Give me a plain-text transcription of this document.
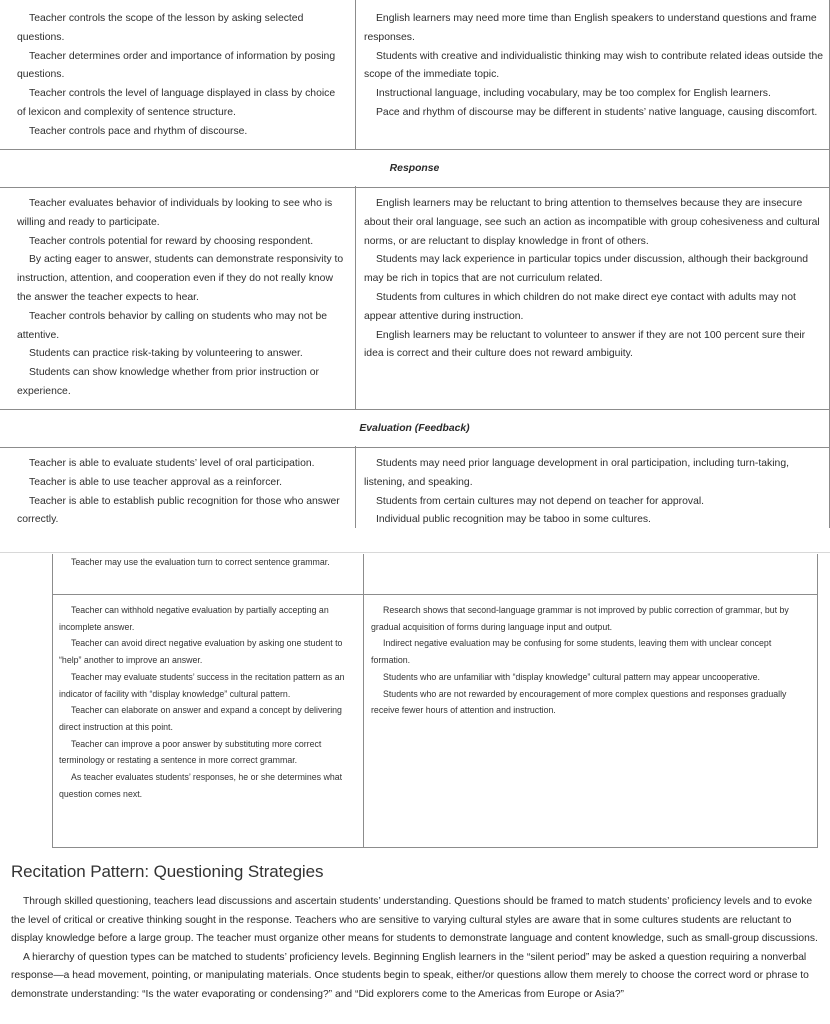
Teacher controls the scope of the lesson by asking selected questions.

Teacher determines order and importance of information by posing questions.

Teacher controls the level of language displayed in class by choice of lexicon and complexity of sentence structure.

Teacher controls pace and rhythm of discourse.

English learners may need more time than English speakers to understand questions and frame responses.

Students with creative and individualistic thinking may wish to contribute related ideas outside the scope of the immediate topic.

Instructional language, including vocabulary, may be too complex for English learners.

Pace and rhythm of discourse may be different in students’ native language, causing discomfort.

Response

Teacher evaluates behavior of individuals by looking to see who is willing and ready to participate.

Teacher controls potential for reward by choosing respondent.

By acting eager to answer, students can demonstrate responsivity to instruction, attention, and cooperation even if they do not really know the answer the teacher expects to hear.

Teacher controls behavior by calling on students who may not be attentive.

Students can practice risk-taking by volunteering to answer.

Students can show knowledge whether from prior instruction or experience.

English learners may be reluctant to bring attention to themselves because they are insecure about their oral language, see such an action as incompatible with group cohesiveness and cultural norms, or are reluctant to display knowledge in front of others.

Students may lack experience in particular topics under discussion, although their background may be rich in topics that are not curriculum related.

Students from cultures in which children do not make direct eye contact with adults may not appear attentive during instruction.

English learners may be reluctant to volunteer to answer if they are not 100 percent sure their idea is correct and their culture does not reward ambiguity.

Evaluation (Feedback)

Teacher is able to evaluate students’ level of oral participation.

Teacher is able to use teacher approval as a reinforcer.

Teacher is able to establish public recognition for those who answer correctly.

Students may need prior language development in oral participation, including turn-taking, listening, and speaking.

Students from certain cultures may not depend on teacher for approval.

Individual public recognition may be taboo in some cultures.

Teacher may use the evaluation turn to correct sentence grammar.

Teacher can withhold negative evaluation by partially accepting an incomplete answer.

Teacher can avoid direct negative evaluation by asking one student to “help” another to improve an answer.

Teacher may evaluate students’ success in the recitation pattern as an indicator of facility with “display knowledge” cultural pattern.

Teacher can elaborate on answer and expand a concept by delivering direct instruction at this point.

Teacher can improve a poor answer by substituting more correct terminology or restating a sentence in more correct grammar.

As teacher evaluates students’ responses, he or she determines what question comes next.

Research shows that second-language grammar is not improved by public correction of grammar, but by gradual acquisition of forms during language input and output.

Indirect negative evaluation may be confusing for some students, leaving them with unclear concept formation.

Students who are unfamiliar with “display knowledge” cultural pattern may appear uncooperative.

Students who are not rewarded by encouragement of more complex questions and responses gradually receive fewer hours of attention and instruction.

Recitation Pattern: Questioning Strategies

Through skilled questioning, teachers lead discussions and ascertain students’ understanding. Questions should be framed to match students’ proficiency levels and to evoke the level of critical or creative thinking sought in the response. Teachers who are sensitive to varying cultural styles are aware that in some cultures students are reluctant to display knowledge before a large group. The teacher must organize other means for students to demonstrate language and content knowledge, such as small-group discussions.

A hierarchy of question types can be matched to students’ proficiency levels. Beginning English learners in the “silent period” may be asked a question requiring a nonverbal response—a head movement, pointing, or manipulating materials. Once students begin to speak, either/or questions allow them merely to choose the correct word or phrase to demonstrate understanding: “Is the water evaporating or condensing?” and “Did explorers come to the Americas from Europe or Asia?”
